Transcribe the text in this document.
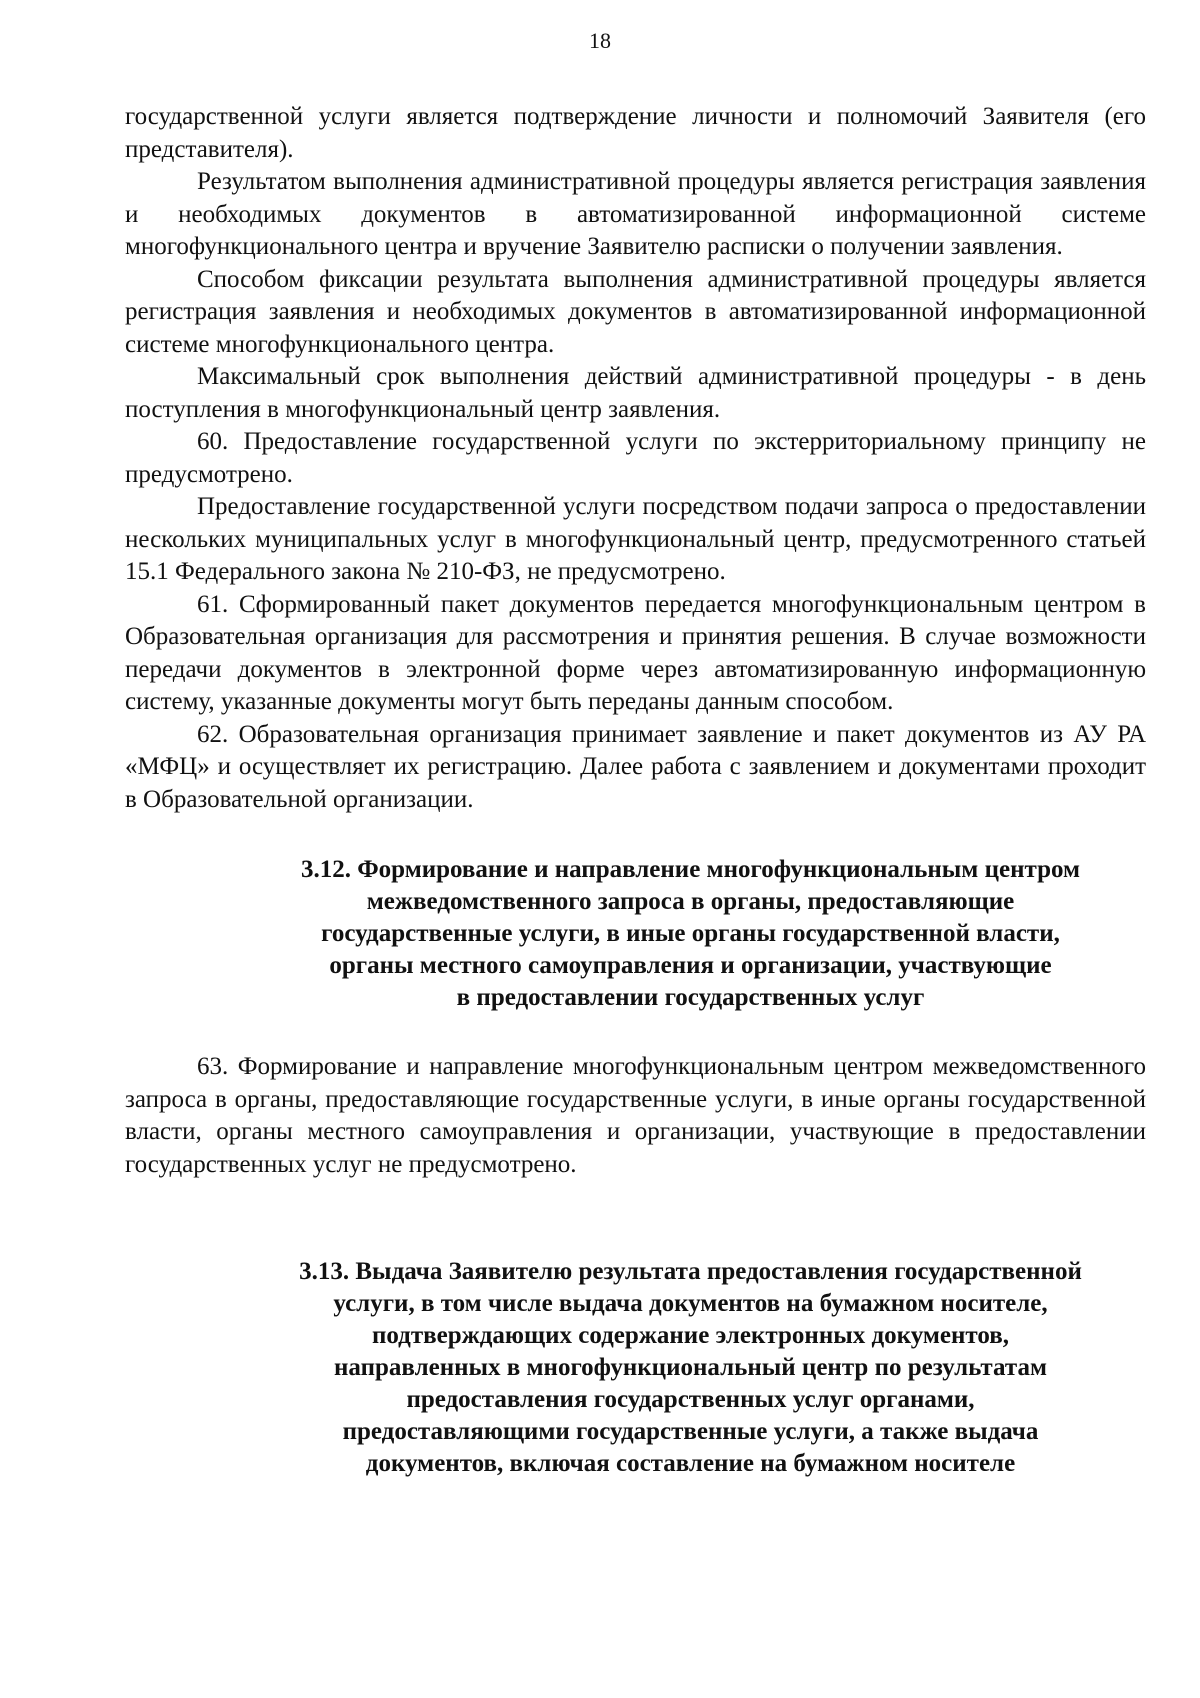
18

государственной услуги является подтверждение личности и полномочий Заявителя (его представителя).

Результатом выполнения административной процедуры является регистрация заявления и необходимых документов в автоматизированной информационной системе многофункционального центра и вручение Заявителю расписки о получении заявления.

Способом фиксации результата выполнения административной процедуры является регистрация заявления и необходимых документов в автоматизированной информационной системе многофункционального центра.

Максимальный срок выполнения действий административной процедуры - в день поступления в многофункциональный центр заявления.

60. Предоставление государственной услуги по экстерриториальному принципу не предусмотрено.

Предоставление государственной услуги посредством подачи запроса о предоставлении нескольких муниципальных услуг в многофункциональный центр, предусмотренного статьей 15.1 Федерального закона № 210-ФЗ, не предусмотрено.

61. Сформированный пакет документов передается многофункциональным центром в Образовательная организация для рассмотрения и принятия решения. В случае возможности передачи документов в электронной форме через автоматизированную информационную систему, указанные документы могут быть переданы данным способом.

62. Образовательная организация принимает заявление и пакет документов из АУ РА «МФЦ» и осуществляет их регистрацию. Далее работа с заявлением и документами проходит в Образовательной организации.

3.12. Формирование и направление многофункциональным центром
межведомственного запроса в органы, предоставляющие
государственные услуги, в иные органы государственной власти,
органы местного самоуправления и организации, участвующие
в предоставлении государственных услуг

63. Формирование и направление многофункциональным центром межведомственного запроса в органы, предоставляющие государственные услуги, в иные органы государственной власти, органы местного самоуправления и организации, участвующие в предоставлении государственных услуг не предусмотрено.

3.13. Выдача Заявителю результата предоставления государственной
услуги, в том числе выдача документов на бумажном носителе,
подтверждающих содержание электронных документов,
направленных в многофункциональный центр по результатам
предоставления государственных услуг органами,
предоставляющими государственные услуги, а также выдача
документов, включая составление на бумажном носителе
